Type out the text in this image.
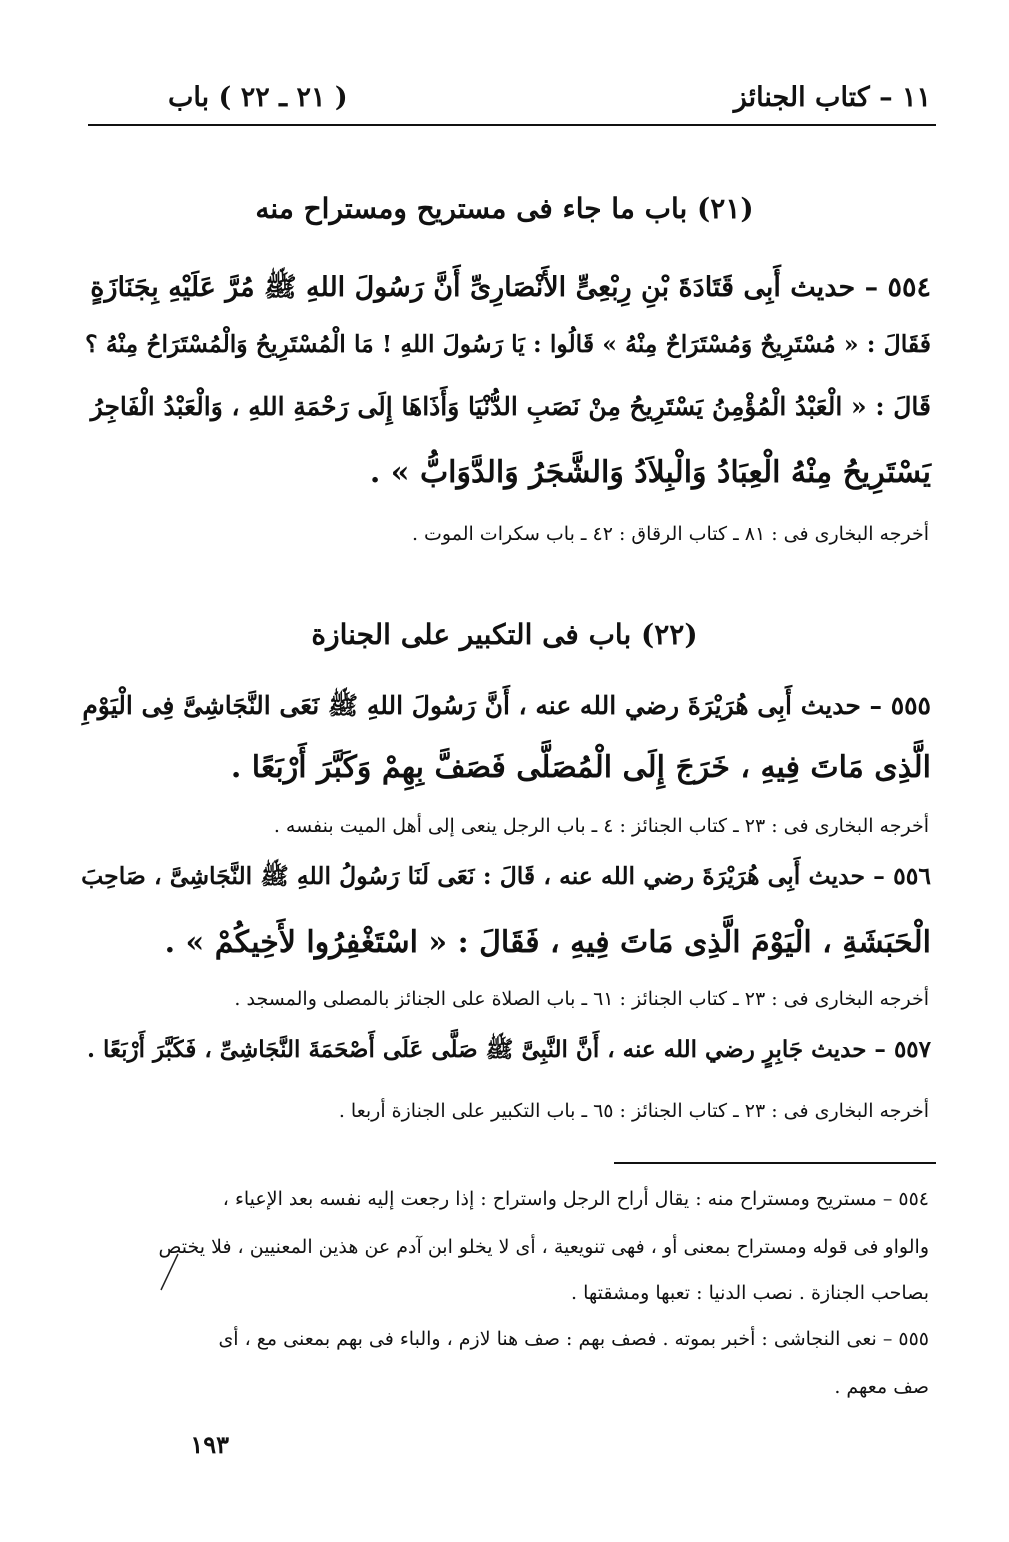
١١ – كتاب الجنائز
( ٢١ ـ ٢٢ ) باب
(٢١) باب ما جاء فى مستريح ومستراح منه
٥٥٤ – حديث أَبِى قَتَادَةَ بْنِ رِبْعِىٍّ الأَنْصَارِىِّ أَنَّ رَسُولَ اللهِ ﷺ مُرَّ عَلَيْهِ بِجَنَازَةٍ
فَقَالَ : « مُسْتَرِيحٌ وَمُسْتَرَاحٌ مِنْهُ » قَالُوا : يَا رَسُولَ اللهِ ! مَا الْمُسْتَرِيحُ وَالْمُسْتَرَاحُ مِنْهُ ؟
قَالَ : « الْعَبْدُ الْمُؤْمِنُ يَسْتَرِيحُ مِنْ نَصَبِ الدُّنْيَا وَأَذَاهَا إِلَى رَحْمَةِ اللهِ ، وَالْعَبْدُ الْفَاجِرُ
يَسْتَرِيحُ مِنْهُ الْعِبَادُ وَالْبِلاَدُ وَالشَّجَرُ وَالدَّوَابُّ » .
أخرجه البخارى فى : ٨١ ـ كتاب الرقاق : ٤٢ ـ باب سكرات الموت .
(٢٢) باب فى التكبير على الجنازة
٥٥٥ – حديث أَبِى هُرَيْرَةَ رضي الله عنه ، أَنَّ رَسُولَ اللهِ ﷺ نَعَى النَّجَاشِىَّ فِى الْيَوْمِ
الَّذِى مَاتَ فِيهِ ، خَرَجَ إِلَى الْمُصَلَّى فَصَفَّ بِهِمْ وَكَبَّرَ أَرْبَعًا .
أخرجه البخارى فى : ٢٣ ـ كتاب الجنائز : ٤ ـ باب الرجل ينعى إلى أهل الميت بنفسه .
٥٥٦ – حديث أَبِى هُرَيْرَةَ رضي الله عنه ، قَالَ : نَعَى لَنَا رَسُولُ اللهِ ﷺ النَّجَاشِىَّ ، صَاحِبَ
الْحَبَشَةِ ، الْيَوْمَ الَّذِى مَاتَ فِيهِ ، فَقَالَ : « اسْتَغْفِرُوا لأَخِيكُمْ » .
أخرجه البخارى فى : ٢٣ ـ كتاب الجنائز : ٦١ ـ باب الصلاة على الجنائز بالمصلى والمسجد .
٥٥٧ – حديث جَابِرٍ رضي الله عنه ، أَنَّ النَّبِىَّ ﷺ صَلَّى عَلَى أَصْحَمَةَ النَّجَاشِىِّ ، فَكَبَّرَ أَرْبَعًا .
أخرجه البخارى فى : ٢٣ ـ كتاب الجنائز : ٦٥ ـ باب التكبير على الجنازة أربعا .
٥٥٤ – مستريح ومستراح منه : يقال أراح الرجل واستراح : إذا رجعت إليه نفسه بعد الإعياء ،
والواو فى قوله ومستراح بمعنى أو ، فهى تنويعية ، أى لا يخلو ابن آدم عن هذين المعنيين ، فلا يختص
بصاحب الجنازة . نصب الدنيا : تعبها ومشقتها .
٥٥٥ – نعى النجاشى : أخبر بموته . فصف بهم : صف هنا لازم ، والباء فى بهم بمعنى مع ، أى
صف معهم .
١٩٣
